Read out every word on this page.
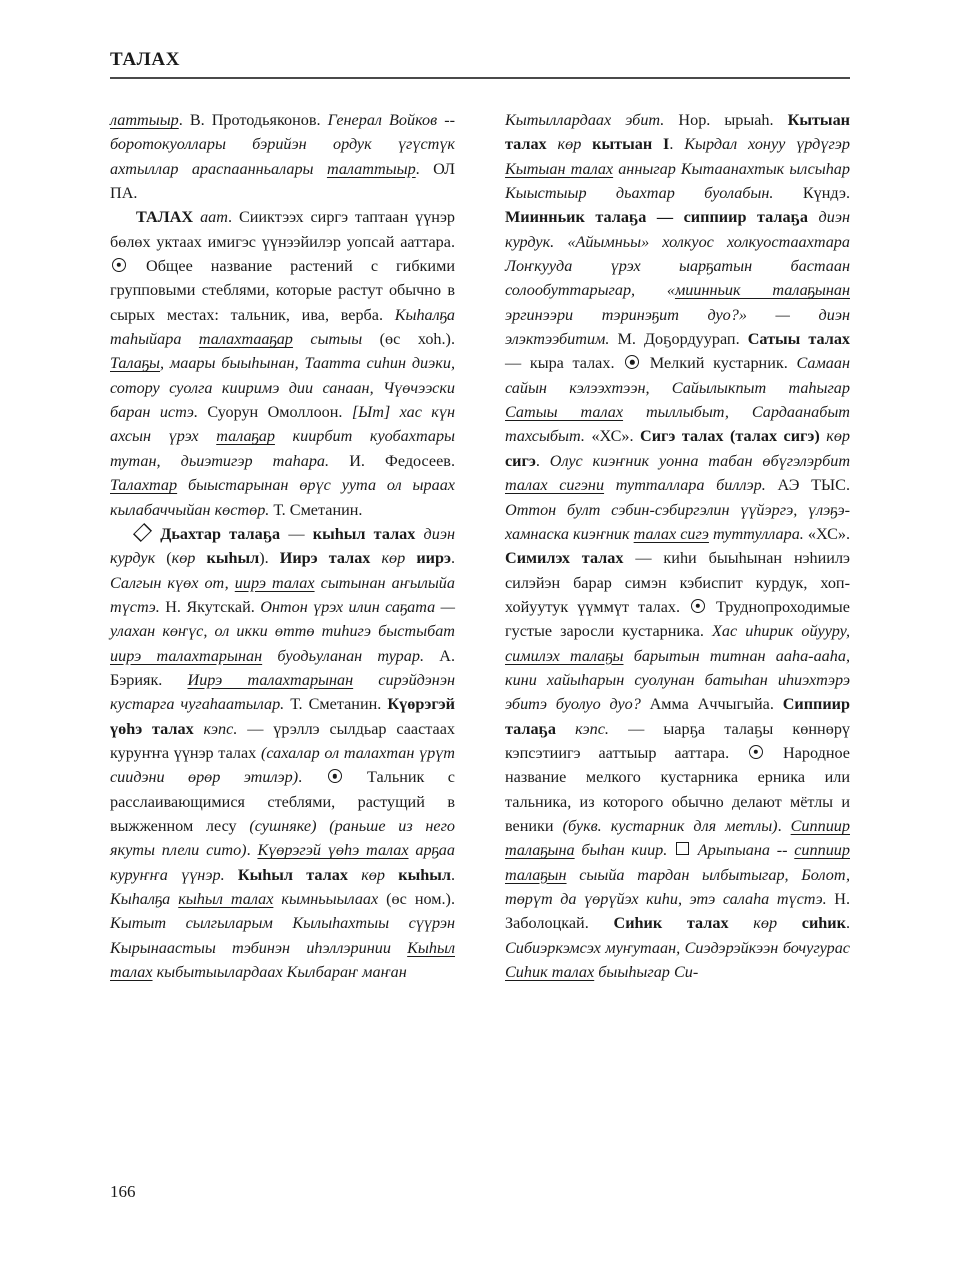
ТАЛАХ

латтыыр. В. Протодьяконов. Генерал Войков -- боротокуоллары бэрийэн ордук үгүстүк ахтыллар араспаанньалары талаттыыр. ОЛ ПА.

ТАЛАХ аат. Сииктээх сиргэ таптаан үүнэр бөлөх уктаах имигэс үүнээйилэр уопсай ааттара.  Общее название растений с гибкими групповыми стеблями, которые растут обычно в сырых местах: тальник, ива, верба. Кыһалҕа таһыйара талахтааҕар сытыы (өс хоһ.). Талаҕы, маары быыһынан, Таатта сиһин диэки, сотору суолга кииримэ дии санаан, Чүөчээски баран истэ. Суорун Омоллоон. [Ыт] хас күн ахсын үрэх талаҕар киирбит куобахтары тутан, дьиэтигэр таһара. И. Федосеев. Талахтар быыстарынан өрүс уута ол ыраах кылабаччыйан көстөр. Т. Сметанин.

Дьахтар талаҕа — кыһыл талах диэн курдук (көр кыһыл). Иирэ талах көр иирэ. Салгын күөх от, иирэ талах сытынан аҥылыйа түстэ. Н. Якутскай. Онтон үрэх илин саҕата — улахан көҥүс, ол икки өттө тиһигэ быстыбат иирэ талахтарынан буодьуланан турар. А. Бэрияк. Иирэ талахтарынан сирэйдэнэн кустарга чугаһаатылар. Т. Сметанин. Күөрэгэй үөһэ талах кэпс. — үрэллэ сылдьар саастаах куруҥҥа үүнэр талах (сахалар ол талахтан үрүт сиидэни өрөр этилэр).  Тальник с расслаивающимися стеблями, растущий в выжженном лесу (сушняке) (раньше из него якуты плели сито). Күөрэгэй үөһэ талах арҕаа куруҥҥа үүнэр. Кыһыл талах көр кыһыл. Кыһалҕа кыһыл талах кымньыылаах (өс ном.). Кытыт сылгыларым Кылыһахтыы сүүрэн Кырынаастыы тэбинэн иһэллэринии Кыһыл талах кыбытыылардаах Кылбараҥ маҥан

Кытыллардаах эбит. Нор. ырыаһ. Кытыан талах көр кытыан I. Кырдал хонуу үрдүгэр Кытыан талах анныгар Кытаанахтык ылсыһар Кыыстыыр дьахтар буолабын. Күндэ. Миинньик талаҕа — сиппиир талаҕа диэн курдук. «Айымньы» холкуос холкуостаахтара Лоҥкууда үрэх ыарҕатын бастаан солообуттарыгар, «миинньик талаҕынан эргинээри тэринэҕит дуо?» — диэн элэктээбитим. М. Доҕордуурап. Сатыы талах — кыра талах.  Мелкий кустарник. Самаан сайын кэлээхтээн, Сайылыкпыт таһыгар Сатыы талах тыллыбыт, Сардаанабыт тахсыбыт. «ХС». Сигэ талах (талах сигэ) көр сигэ. Олус киэҥник уонна табан өбүгэлэрбит талах сигэни тутталлара биллэр. АЭ ТЫС. Оттон булт сэбин-сэбиргэлин үүйэргэ, үлэҕэ-хамнаска киэҥник талах сигэ туттуллара. «ХС». Симилэх талах — киһи быыһынан нэһиилэ силэйэн барар симэн кэбиспит курдук, хоп-хойуутук үүммүт талах.  Труднопроходимые густые заросли кустарника. Хас иһирик ойууру, симилэх талаҕы барытын тumнан ааһа-ааһа, кини хайыһарын суолунан батыһан иһиэхтэрэ эбитэ буолуо дуо? Амма Аччыгыйа. Сиппиир талаҕа кэпс. — ыарҕа талаҕы көннөрү кэпсэтиигэ ааттыыр ааттара.  Народное название мелкого кустарника ерника или тальника, из которого обычно делают мётлы и веники (букв. кустарник для метлы). Сиппиир талаҕына быһан киир.  Арыпыана -- сиппиир талаҕын сыыйа тардан ылбытыгар, Болот, төрүт да үөрүйэх киһи, этэ салаһа түстэ. Н. Заболоцкай. Сиһик талах көр сиһик. Сибиэркэмсэх муҥутаан, Сиэдэрэйкээн бочугурас Сиһик талах быыһыгар Си-

166
